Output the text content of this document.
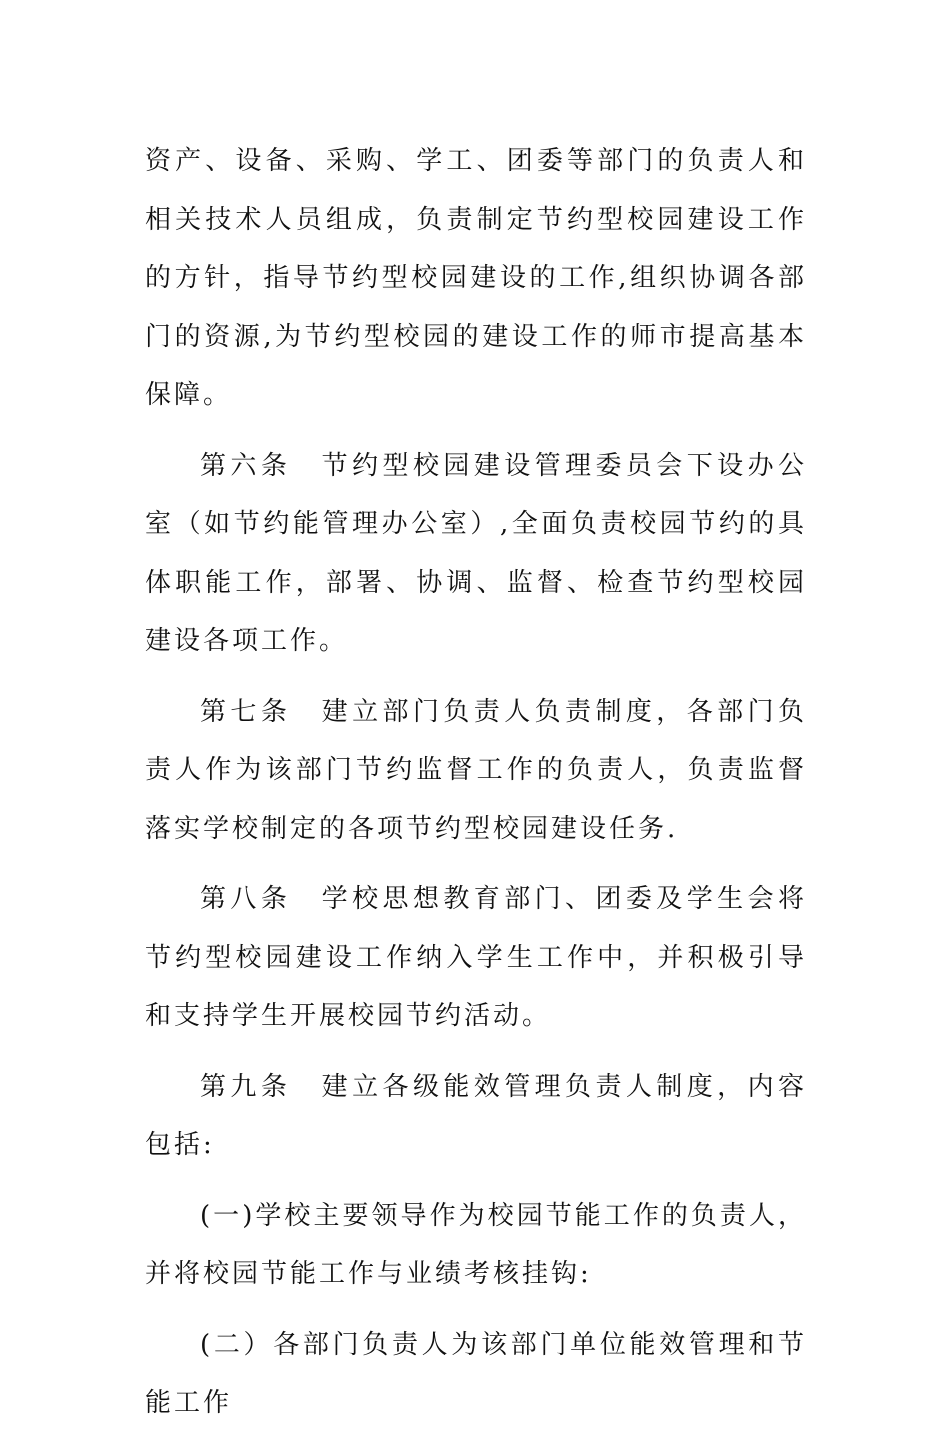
资产、设备、采购、学工、团委等部门的负责人和相关技术人员组成，负责制定节约型校园建设工作的方针，指导节约型校园建设的工作,组织协调各部门的资源,为节约型校园的建设工作的师市提高基本保障。

第六条　节约型校园建设管理委员会下设办公室（如节约能管理办公室）,全面负责校园节约的具体职能工作，部署、协调、监督、检查节约型校园建设各项工作。

第七条　建立部门负责人负责制度，各部门负责人作为该部门节约监督工作的负责人，负责监督落实学校制定的各项节约型校园建设任务.

第八条　学校思想教育部门、团委及学生会将节约型校园建设工作纳入学生工作中，并积极引导和支持学生开展校园节约活动。

第九条　建立各级能效管理负责人制度，内容包括:

(一)学校主要领导作为校园节能工作的负责人，并将校园节能工作与业绩考核挂钩:

(二）各部门负责人为该部门单位能效管理和节能工作
